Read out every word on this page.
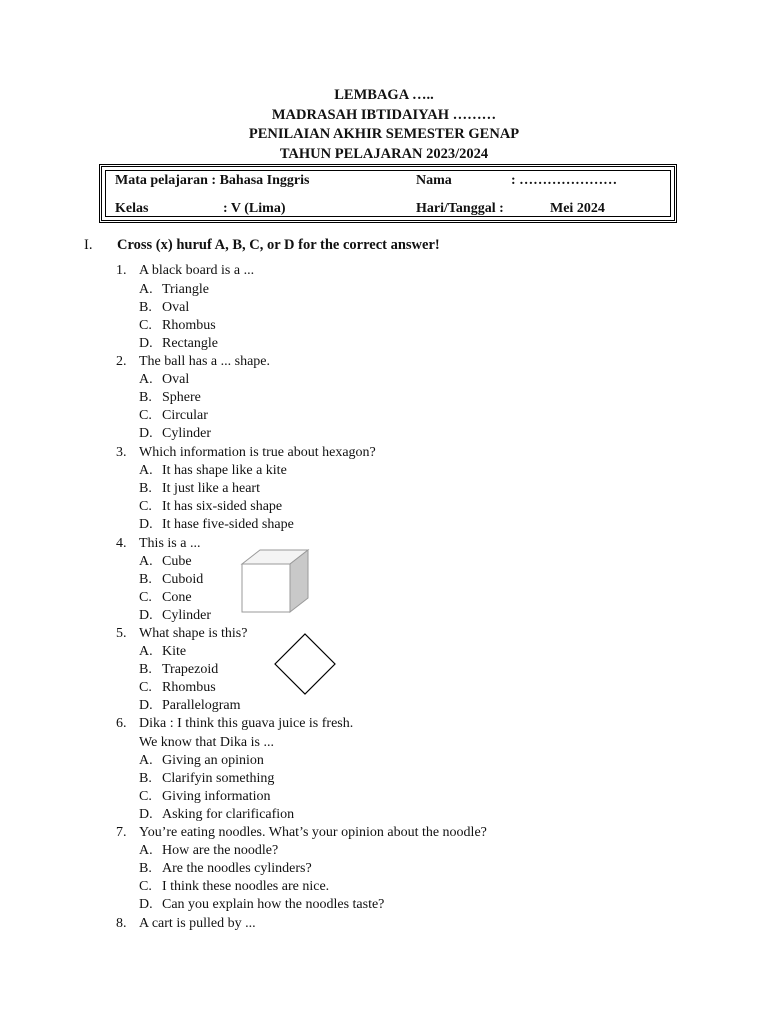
LEMBAGA …..
MADRASAH IBTIDAIYAH ………
PENILAIAN AKHIR SEMESTER GENAP
TAHUN PELAJARAN 2023/2024
Mata pelajaran : Bahasa Inggris	Nama	: …………………
Kelas	: V (Lima)	Hari/Tanggal :	Mei 2024
I. Cross (x) huruf A, B, C, or D for the correct answer!
1. A black board is a ...
A. Triangle
B. Oval
C. Rhombus
D. Rectangle
2. The ball has a ... shape.
A. Oval
B. Sphere
C. Circular
D. Cylinder
3. Which information is true about hexagon?
A. It has shape like a kite
B. It just like a heart
C. It has six-sided shape
D. It hase five-sided shape
4. This is a ...
A. Cube
B. Cuboid
C. Cone
D. Cylinder
5. What shape is this?
A. Kite
B. Trapezoid
C. Rhombus
D. Parallelogram
6. Dika : I think this guava juice is fresh.
We know that Dika is ...
A. Giving an opinion
B. Clarifyin something
C. Giving information
D. Asking for clarificafion
7. You’re eating noodles. What’s your opinion about the noodle?
A. How are the noodle?
B. Are the noodles cylinders?
C. I think these noodles are nice.
D. Can you explain how the noodles taste?
8. A cart is pulled by ...
